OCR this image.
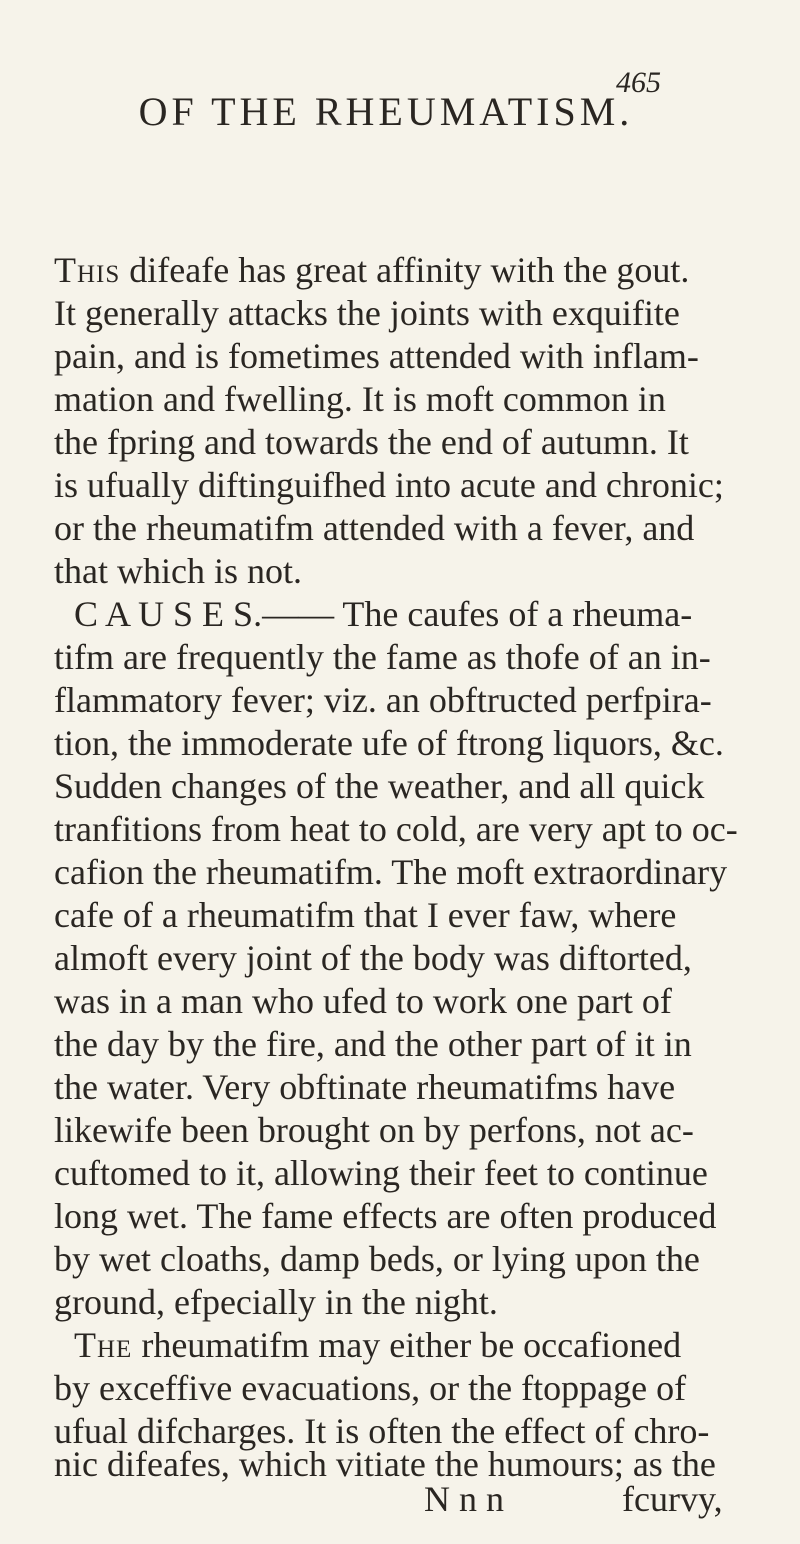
465
OF THE RHEUMATISM.
This difeafe has great affinity with the gout.
It generally attacks the joints with exquifite
pain, and is fometimes attended with inflam-
mation and fwelling. It is moft common in
the fpring and towards the end of autumn. It
is ufually diftinguifhed into acute and chronic;
or the rheumatifm attended with a fever, and
that which is not.
C A U S E S.—— The caufes of a rheuma-
tifm are frequently the fame as thofe of an in-
flammatory fever; viz. an obftructed perfpira-
tion, the immoderate ufe of ftrong liquors, &c.
Sudden changes of the weather, and all quick
tranfitions from heat to cold, are very apt to oc-
cafion the rheumatifm. The moft extraordinary
cafe of a rheumatifm that I ever faw, where
almoft every joint of the body was diftorted,
was in a man who ufed to work one part of
the day by the fire, and the other part of it in
the water. Very obftinate rheumatifms have
likewife been brought on by perfons, not ac-
cuftomed to it, allowing their feet to continue
long wet. The fame effects are often produced
by wet cloaths, damp beds, or lying upon the
ground, efpecially in the night.
The rheumatifm may either be occafioned
by exceffive evacuations, or the ftoppage of
ufual difcharges. It is often the effect of chro-
nic difeafes, which vitiate the humours; as the
N n n	fcurvy,
